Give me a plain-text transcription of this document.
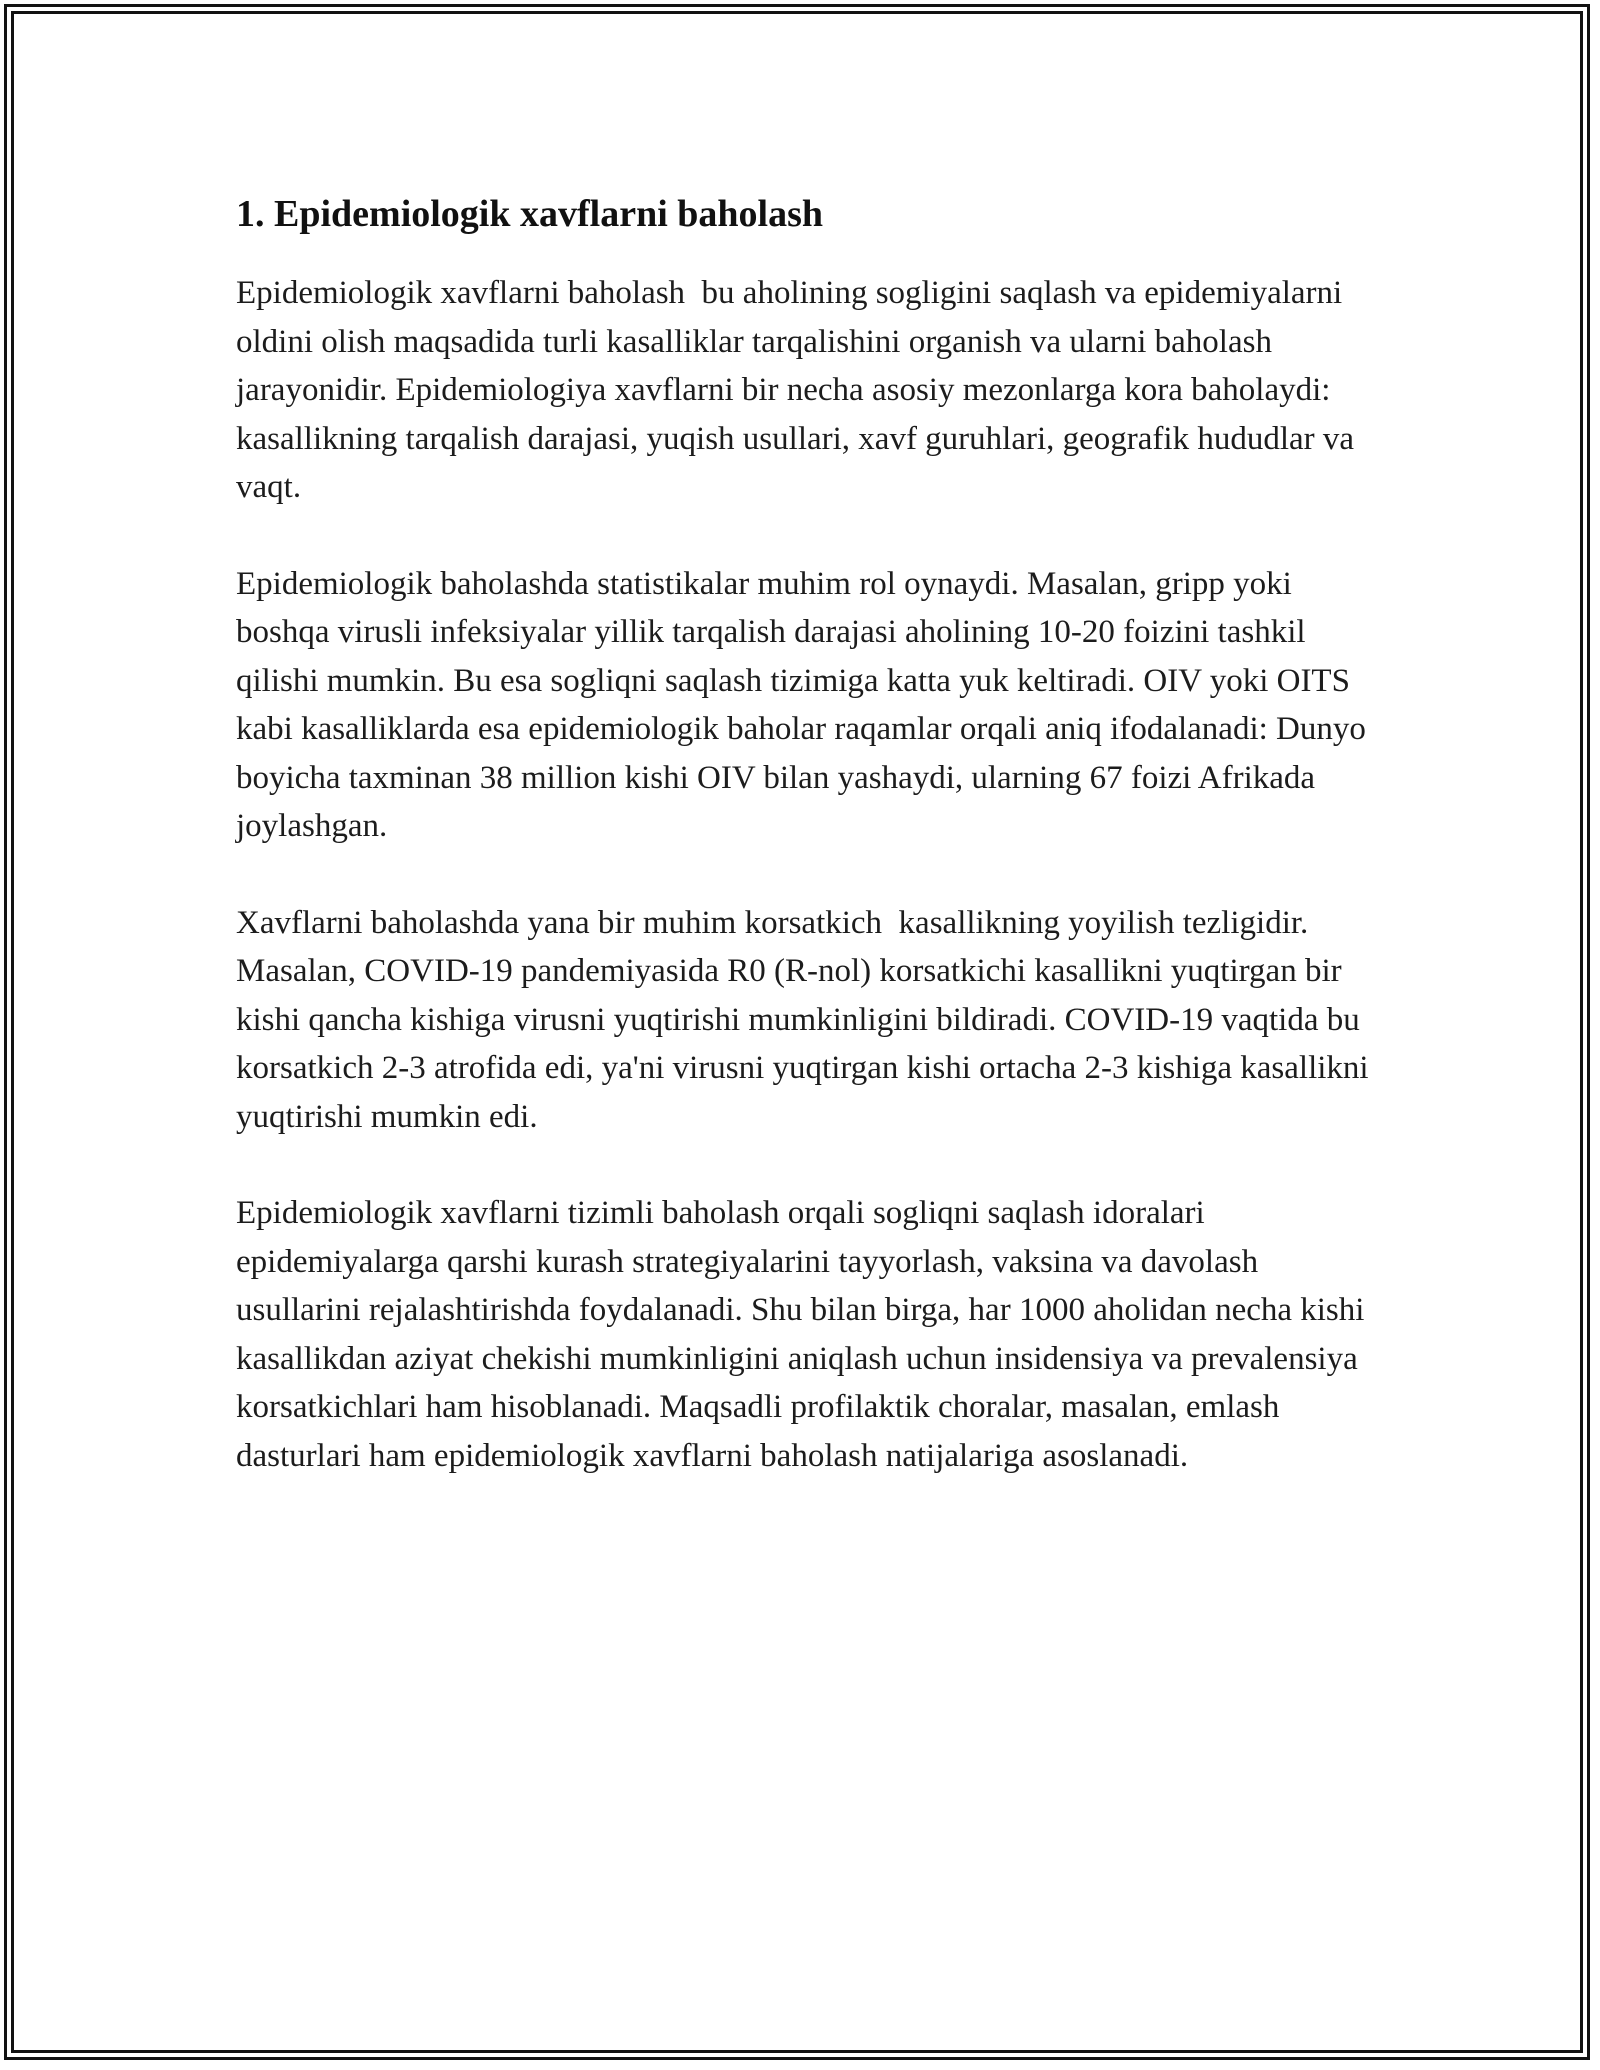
1. Epidemiologik xavflarni baholash

Epidemiologik xavflarni baholash  bu aholining sogligini saqlash va epidemiyalarni oldini olish maqsadida turli kasalliklar tarqalishini organish va ularni baholash jarayonidir. Epidemiologiya xavflarni bir necha asosiy mezonlarga kora baholaydi: kasallikning tarqalish darajasi, yuqish usullari, xavf guruhlari, geografik hududlar va vaqt.

Epidemiologik baholashda statistikalar muhim rol oynaydi. Masalan, gripp yoki boshqa virusli infeksiyalar yillik tarqalish darajasi aholining 10-20 foizini tashkil qilishi mumkin. Bu esa sogliqni saqlash tizimiga katta yuk keltiradi. OIV yoki OITS kabi kasalliklarda esa epidemiologik baholar raqamlar orqali aniq ifodalanadi: Dunyo boyicha taxminan 38 million kishi OIV bilan yashaydi, ularning 67 foizi Afrikada joylashgan.

Xavflarni baholashda yana bir muhim korsatkich  kasallikning yoyilish tezligidir. Masalan, COVID-19 pandemiyasida R0 (R-nol) korsatkichi kasallikni yuqtirgan bir kishi qancha kishiga virusni yuqtirishi mumkinligini bildiradi. COVID-19 vaqtida bu korsatkich 2-3 atrofida edi, ya'ni virusni yuqtirgan kishi ortacha 2-3 kishiga kasallikni yuqtirishi mumkin edi.

Epidemiologik xavflarni tizimli baholash orqali sogliqni saqlash idoralari epidemiyalarga qarshi kurash strategiyalarini tayyorlash, vaksina va davolash usullarini rejalashtirishda foydalanadi. Shu bilan birga, har 1000 aholidan necha kishi kasallikdan aziyat chekishi mumkinligini aniqlash uchun insidensiya va prevalensiya korsatkichlari ham hisoblanadi. Maqsadli profilaktik choralar, masalan, emlash dasturlari ham epidemiologik xavflarni baholash natijalariga asoslanadi.
